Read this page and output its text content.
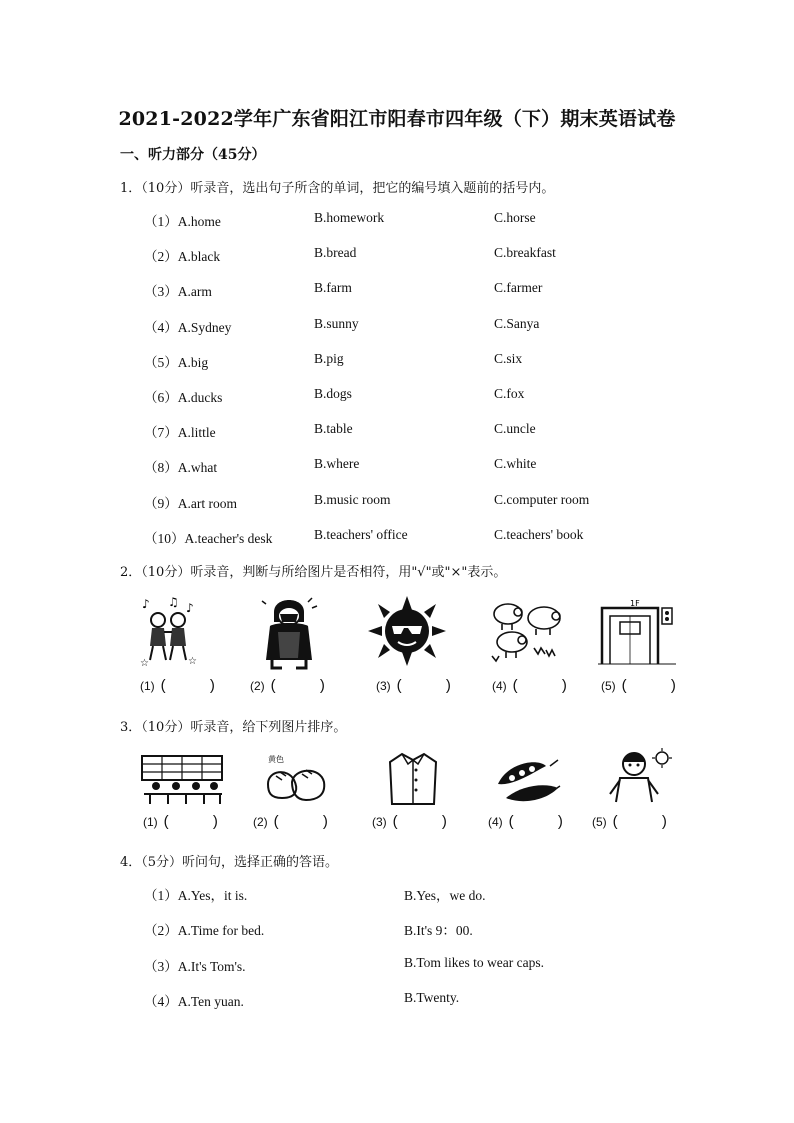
2021-2022学年广东省阳江市阳春市四年级（下）期末英语试卷
一、听力部分（45分）
1．（10分）听录音，选出句子所含的单词，把它的编号填入题前的括号内。
（1）A.home	B.homework	C.horse
（2）A.black	B.bread	C.breakfast
（3）A.arm	B.farm	C.farmer
（4）A.Sydney	B.sunny	C.Sanya
（5）A.big	B.pig	C.six
（6）A.ducks	B.dogs	C.fox
（7）A.little	B.table	C.uncle
（8）A.what	B.where	C.white
（9）A.art room	B.music room	C.computer room
（10）A.teacher's desk	B.teachers' office	C.teachers' book
2．（10分）听录音，判断与所给图片是否相符，用"√"或"×"表示。
♪ ♫ ♪
☆	☆
1F
(1) ( ) (2) ( )	(3) ( ) (4) ( ) (5) ( )
3．（10分）听录音，给下列图片排序。
黄色
(1) ( ) (2) ( ) (3) ( ) (4) ( ) (5) ( )
4．（5分）听问句，选择正确的答语。
（1）A.Yes，it is.	B.Yes，we do.
（2）A.Time for bed.	B.It's 9：00.
（3）A.It's Tom's.	B.Tom likes to wear caps.
（4）A.Ten yuan.	B.Twenty.
